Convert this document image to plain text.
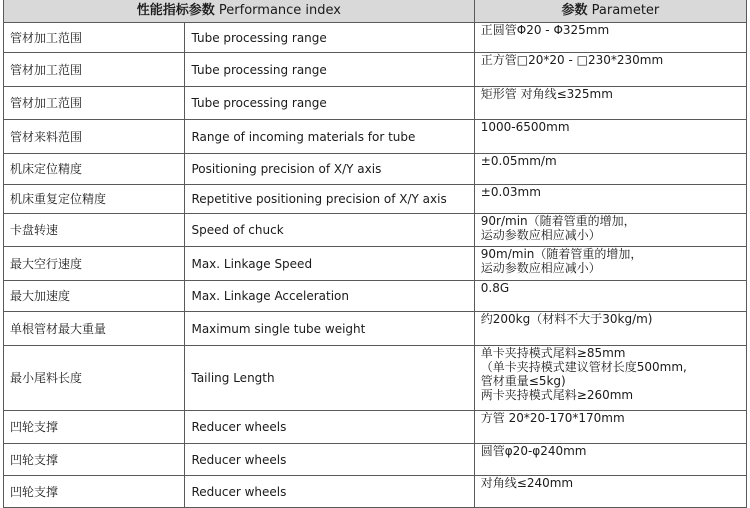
性能指标参数 Performance index		参数 Parameter
管材加工范围	Tube processing range	正圆管Φ20 - Φ325mm

管材加工范围	Tube processing range	正方管□20*20 - □230*230mm

管材加工范围	Tube processing range	矩形管 对角线≤325mm

管材来料范围	Range of incoming materials for tube	1000-6500mm

机床定位精度	Positioning precision of X/Y axis	±0.05mm/m

机床重复定位精度	Repetitive positioning precision of X/Y axis	±0.03mm

卡盘转速	Speed of chuck	90r/min（随着管重的增加，
运动参数应相应减小）

最大空行速度	Max. Linkage Speed	90m/min（随着管重的增加，
运动参数应相应减小）

最大加速度	Max. Linkage Acceleration	0.8G

单根管材最大重量	Maximum single tube weight	约200kg（材料不大于30kg/m)

最小尾料长度	Tailing Length	单卡夹持模式尾料≥85mm
（单卡夹持模式建议管材长度500mm,
管材重量≤5kg)
两卡夹持模式尾料≥260mm

凹轮支撑	Reducer wheels	方管 20*20-170*170mm

凹轮支撑	Reducer wheels	圆管φ20-φ240mm

凹轮支撑	Reducer wheels	对角线≤240mm
